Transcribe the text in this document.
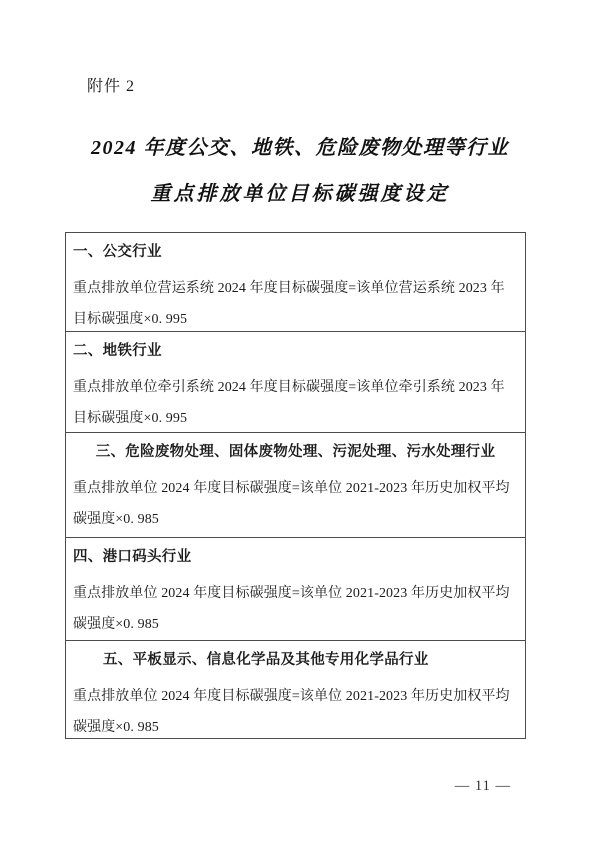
附件 2
2024 年度公交、地铁、危险废物处理等行业
重点排放单位目标碳强度设定
一、公交行业
重点排放单位营运系统 2024 年度目标碳强度=该单位营运系统 2023 年目标碳强度×0. 995
二、地铁行业
重点排放单位牵引系统 2024 年度目标碳强度=该单位牵引系统 2023 年目标碳强度×0. 995
三、危险废物处理、固体废物处理、污泥处理、污水处理行业
重点排放单位 2024 年度目标碳强度=该单位 2021-2023 年历史加权平均碳强度×0. 985
四、港口码头行业
重点排放单位 2024 年度目标碳强度=该单位 2021-2023 年历史加权平均碳强度×0. 985
五、平板显示、信息化学品及其他专用化学品行业
重点排放单位 2024 年度目标碳强度=该单位 2021-2023 年历史加权平均碳强度×0. 985
— 11 —
